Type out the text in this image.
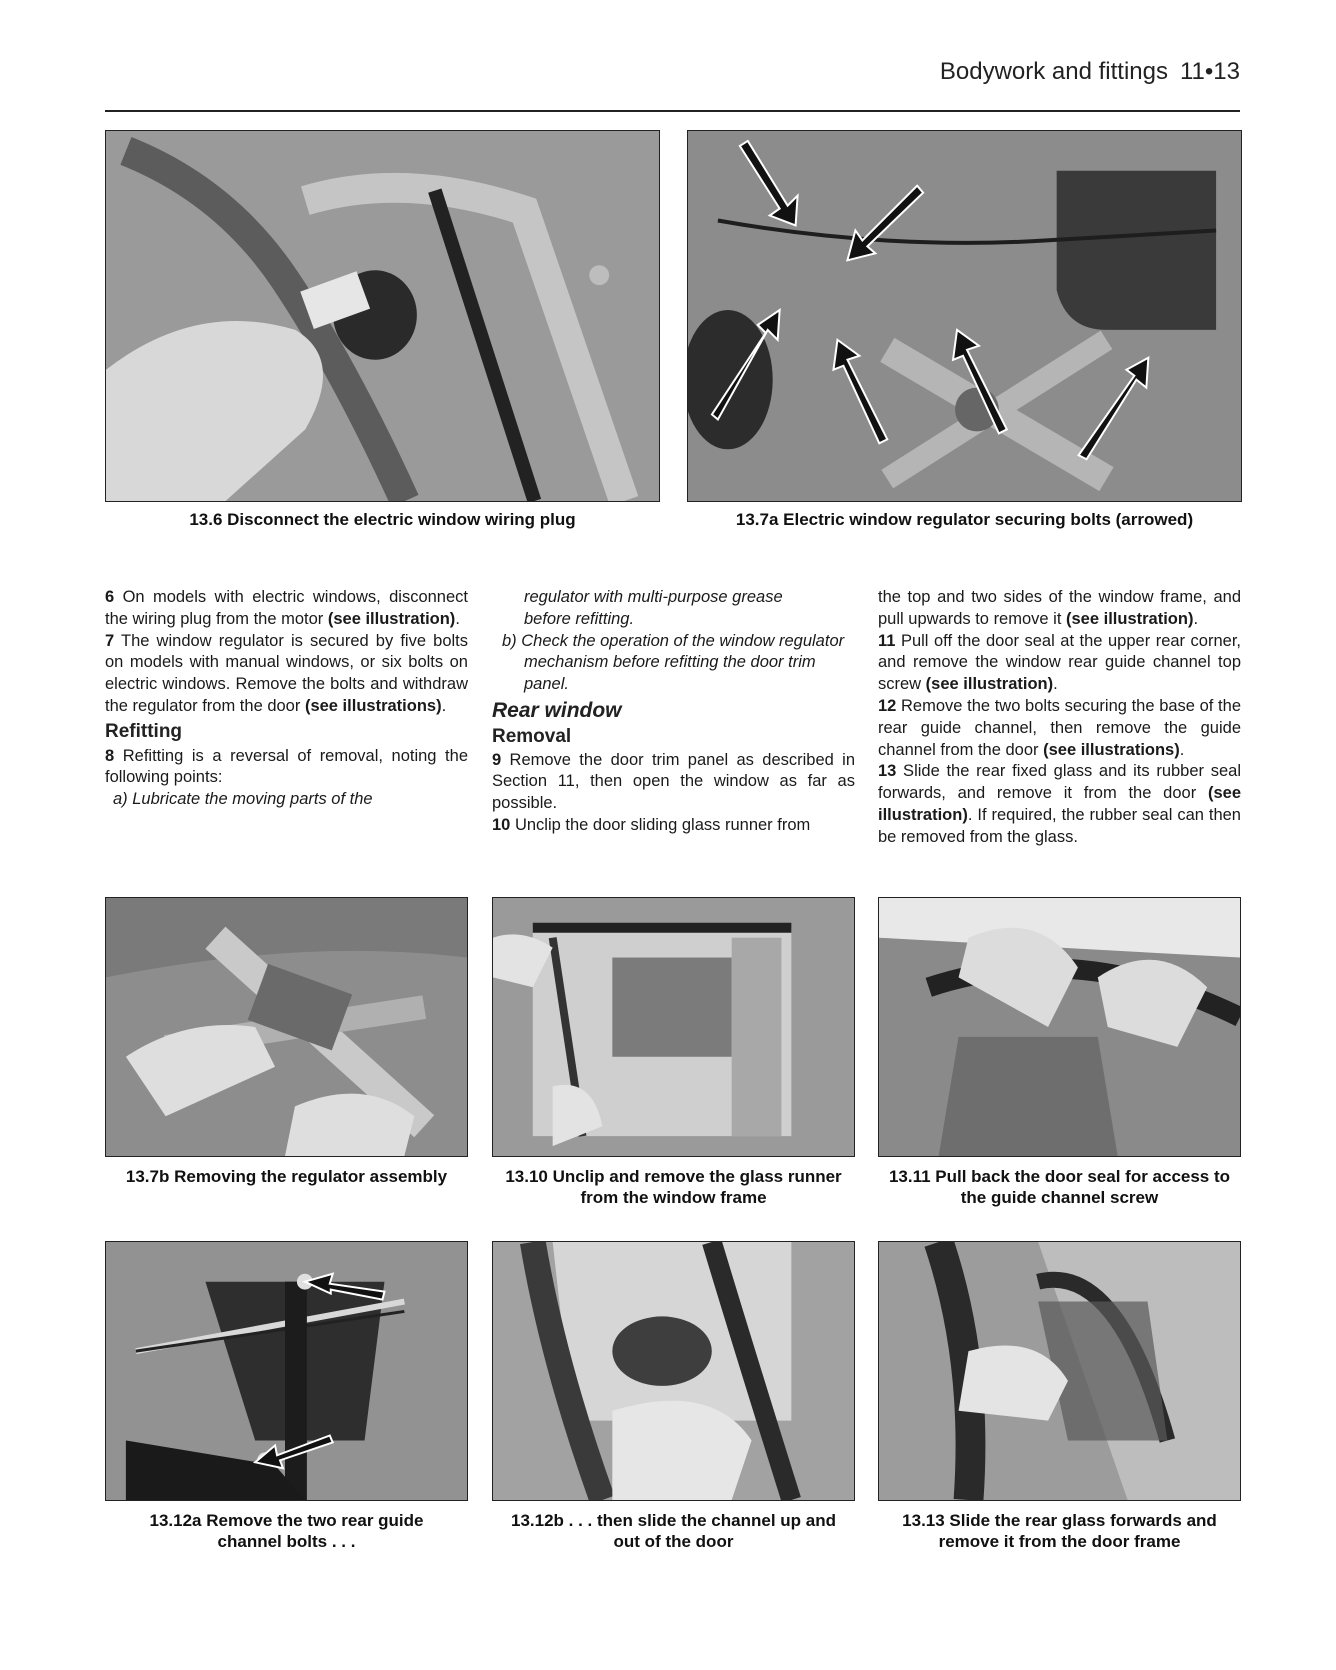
Bodywork and fittings 11•13
13.6 Disconnect the electric window wiring plug	13.7a Electric window regulator securing bolts (arrowed)

6 On models with electric windows, disconnect the wiring plug from the motor (see illustration).

7 The window regulator is secured by five bolts on models with manual windows, or six bolts on electric windows. Remove the bolts and withdraw the regulator from the door (see illustrations).

Refitting

8 Refitting is a reversal of removal, noting the following points:

a) Lubricate the moving parts of the

regulator with multi-purpose grease

before refitting.

b) Check the operation of the window regulator mechanism before refitting the door trim panel.

Rear window
Removal

9 Remove the door trim panel as described in Section 11, then open the window as far as possible.

10 Unclip the door sliding glass runner from

the top and two sides of the window frame, and pull upwards to remove it (see illustration).

11 Pull off the door seal at the upper rear corner, and remove the window rear guide channel top screw (see illustration).

12 Remove the two bolts securing the base of the rear guide channel, then remove the guide channel from the door (see illustrations).

13 Slide the rear fixed glass and its rubber seal forwards, and remove it from the door (see illustration). If required, the rubber seal can then be removed from the glass.

13.7b Removing the regulator assembly	13.10 Unclip and remove the glass runner
from the window frame
13.11 Pull back the door seal for access to
the guide channel screw
13.12a Remove the two rear guide
channel bolts . . .
13.12b . . . then slide the channel up and
out of the door
13.13 Slide the rear glass forwards and
remove it from the door frame
